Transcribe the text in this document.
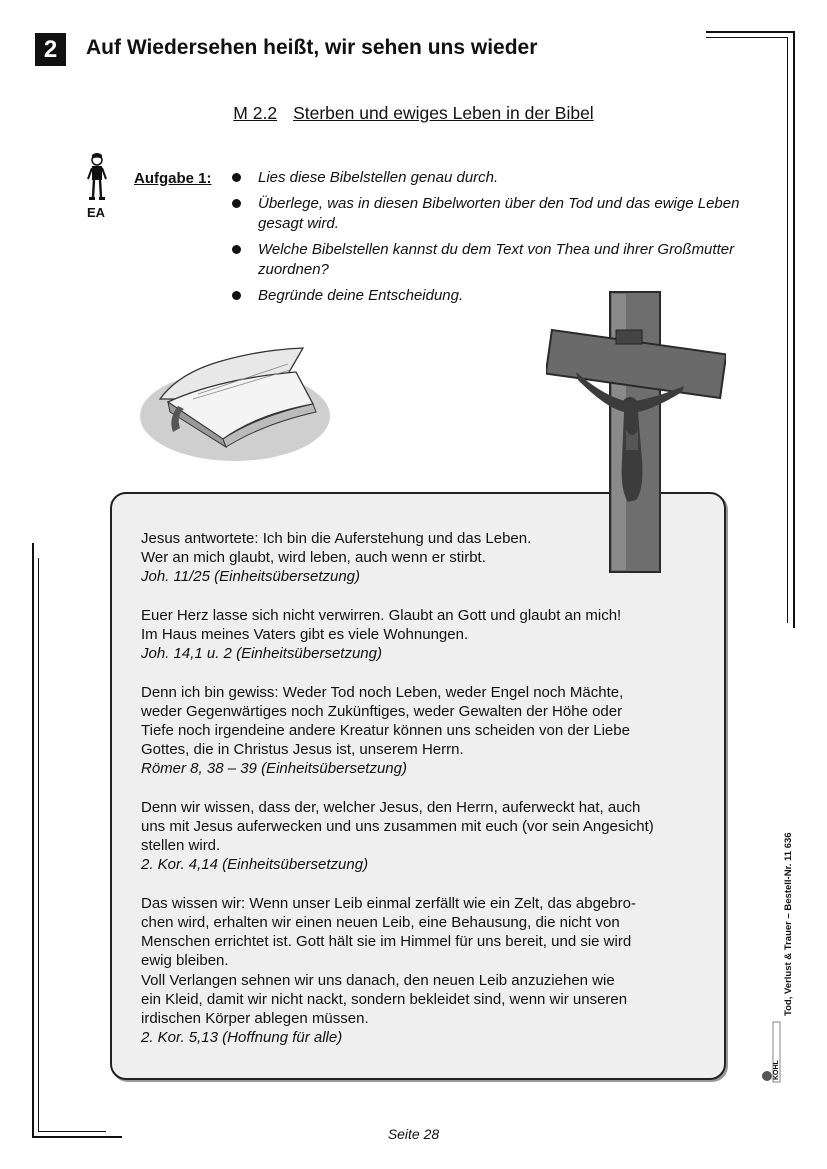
2	Auf Wiedersehen heißt, wir sehen uns wieder
M 2.2 Sterben und ewiges Leben in der Bibel
EA
Aufgabe 1:	Lies diese Bibelstellen genau durch.
Überlege, was in diesen Bibelworten über den Tod und das ewige Leben gesagt wird.
Welche Bibelstellen kannst du dem Text von Thea und ihrer Großmutter zuordnen?
Begründe deine Entscheidung.

Jesus antwortete: Ich bin die Auferstehung und das Leben.

Wer an mich glaubt, wird leben, auch wenn er stirbt.

Joh. 11/25 (Einheitsübersetzung)

Euer Herz lasse sich nicht verwirren. Glaubt an Gott und glaubt an mich!

Im Haus meines Vaters gibt es viele Wohnungen.

Joh. 14,1 u. 2 (Einheitsübersetzung)

Denn ich bin gewiss: Weder Tod noch Leben, weder Engel noch Mächte,

weder Gegenwärtiges noch Zukünftiges, weder Gewalten der Höhe oder

Tiefe noch irgendeine andere Kreatur können uns scheiden von der Liebe

Gottes, die in Christus Jesus ist, unserem Herrn.

Römer 8, 38 – 39 (Einheitsübersetzung)

Denn wir wissen, dass der, welcher Jesus, den Herrn, auferweckt hat, auch

uns mit Jesus auferwecken und uns zusammen mit euch (vor sein Angesicht)

stellen wird.

2. Kor. 4,14 (Einheitsübersetzung)

Das wissen wir: Wenn unser Leib einmal zerfällt wie ein Zelt, das abgebro-

chen wird, erhalten wir einen neuen Leib, eine Behausung, die nicht von

Menschen errichtet ist. Gott hält sie im Himmel für uns bereit, und sie wird

ewig bleiben.

Voll Verlangen sehnen wir uns danach, den neuen Leib anzuziehen wie

ein Kleid, damit wir nicht nackt, sondern bekleidet sind, wenn wir unseren

irdischen Körper ablegen müssen.

2. Kor. 5,13 (Hoffnung für alle)

Tod, Verlust & Trauer – Bestell-Nr. 11 636
KOHL
Seite 28
